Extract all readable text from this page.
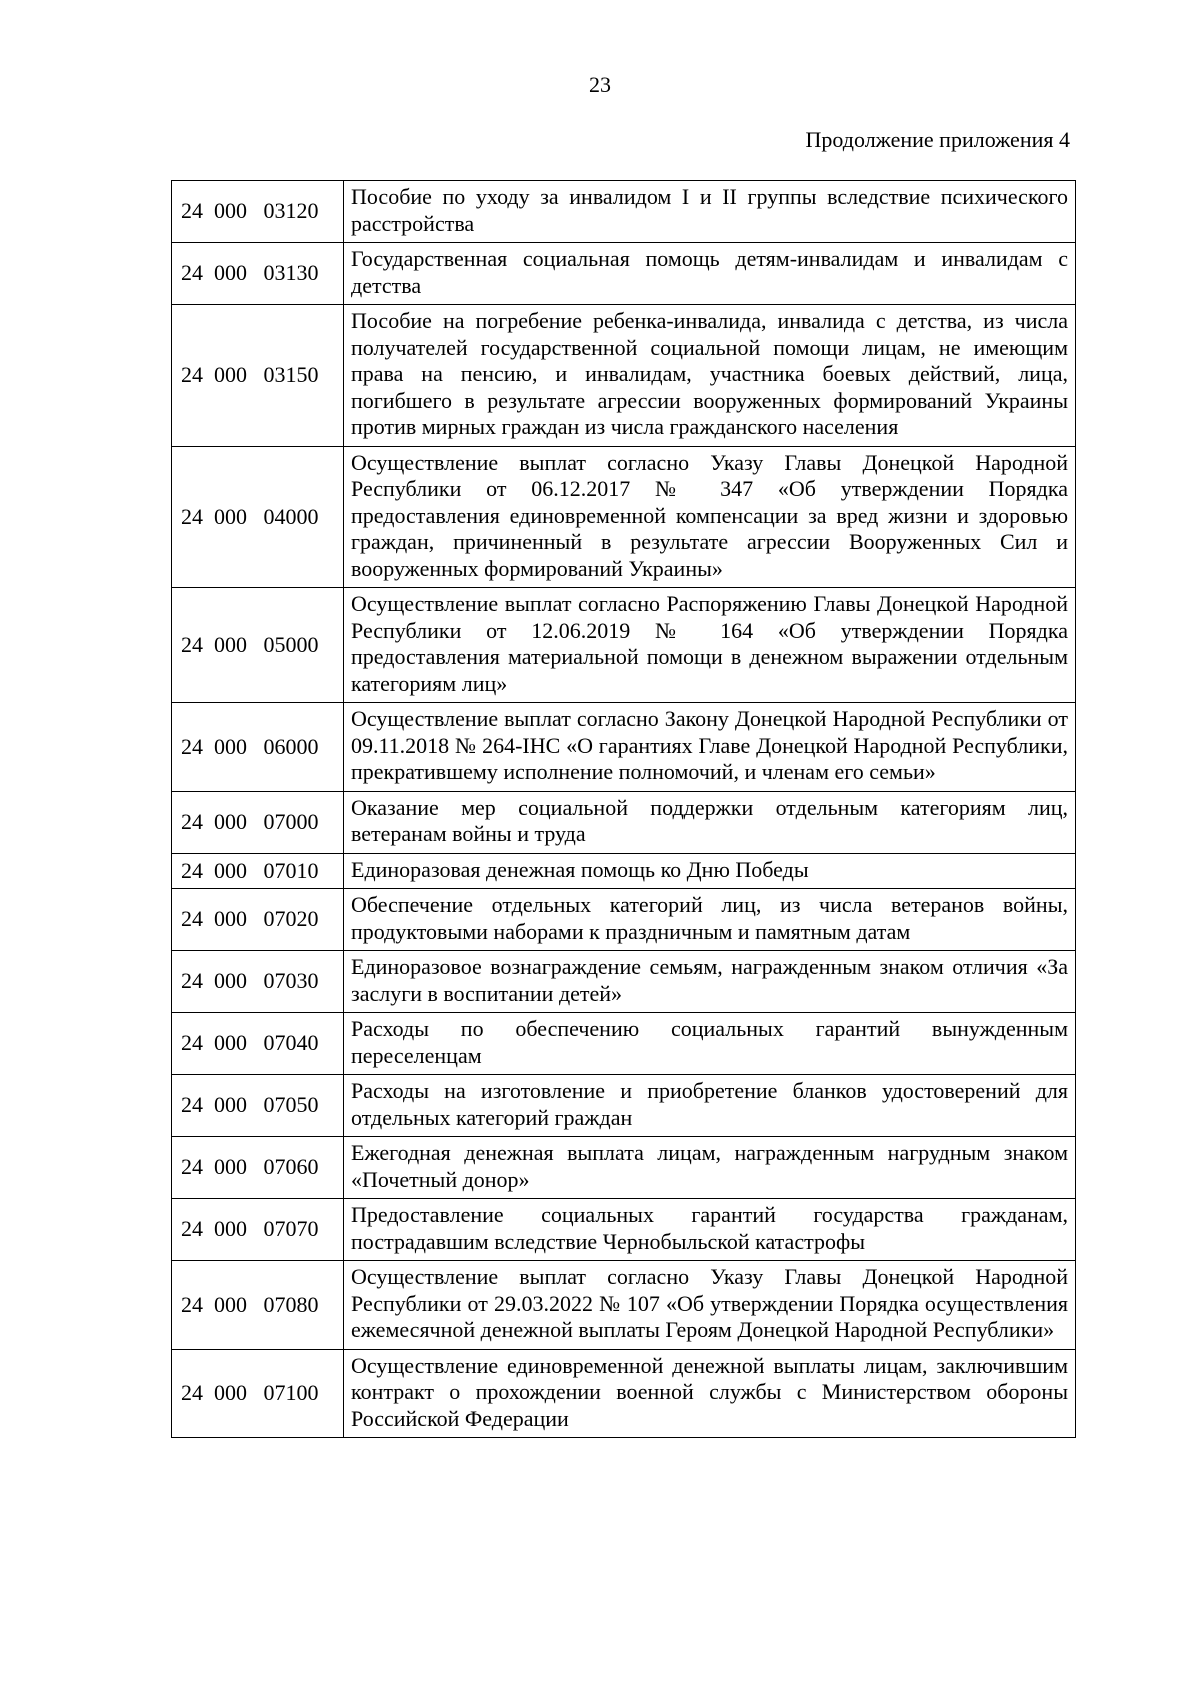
23
Продолжение приложения 4
24  000   03120	Пособие по уходу за инвалидом I и II группы вследствие психического расстройства
24  000   03130	Государственная социальная помощь детям-инвалидам и инвалидам с детства
24  000   03150	Пособие на погребение ребенка-инвалида, инвалида с детства, из числа получателей государственной социальной помощи лицам, не имеющим права на пенсию, и инвалидам, участника боевых действий, лица, погибшего в результате агрессии вооруженных формирований Украины против мирных граждан из числа гражданского населения
24  000   04000	Осуществление выплат согласно Указу Главы Донецкой Народной Республики от 06.12.2017 № 347 «Об утверждении Порядка предоставления единовременной компенсации за вред жизни и здоровью граждан, причиненный в результате агрессии Вооруженных Сил и вооруженных формирований Украины»
24  000   05000	Осуществление выплат согласно Распоряжению Главы Донецкой Народной Республики от 12.06.2019 № 164 «Об утверждении Порядка предоставления материальной помощи в денежном выражении отдельным категориям лиц»
24  000   06000	Осуществление выплат согласно Закону Донецкой Народной Республики от 09.11.2018 № 264-IНС «О гарантиях Главе Донецкой Народной Республики, прекратившему исполнение полномочий, и членам его семьи»
24  000   07000	Оказание мер социальной поддержки отдельным категориям лиц, ветеранам войны и труда
24  000   07010	Единоразовая денежная помощь ко Дню Победы
24  000   07020	Обеспечение отдельных категорий лиц, из числа ветеранов войны, продуктовыми наборами к праздничным и памятным датам
24  000   07030	Единоразовое вознаграждение семьям, награжденным знаком отличия «За заслуги в воспитании детей»
24  000   07040	Расходы по обеспечению социальных гарантий вынужденным переселенцам
24  000   07050	Расходы на изготовление и приобретение бланков удостоверений для отдельных категорий граждан
24  000   07060	Ежегодная денежная выплата лицам, награжденным нагрудным знаком «Почетный донор»
24  000   07070	Предоставление социальных гарантий государства гражданам, пострадавшим вследствие Чернобыльской катастрофы
24  000   07080	Осуществление выплат согласно Указу Главы Донецкой Народной Республики от 29.03.2022 № 107 «Об утверждении Порядка осуществления ежемесячной денежной выплаты Героям Донецкой Народной Республики»
24  000   07100	Осуществление единовременной денежной выплаты лицам, заключившим контракт о прохождении военной службы с Министерством обороны Российской Федерации
